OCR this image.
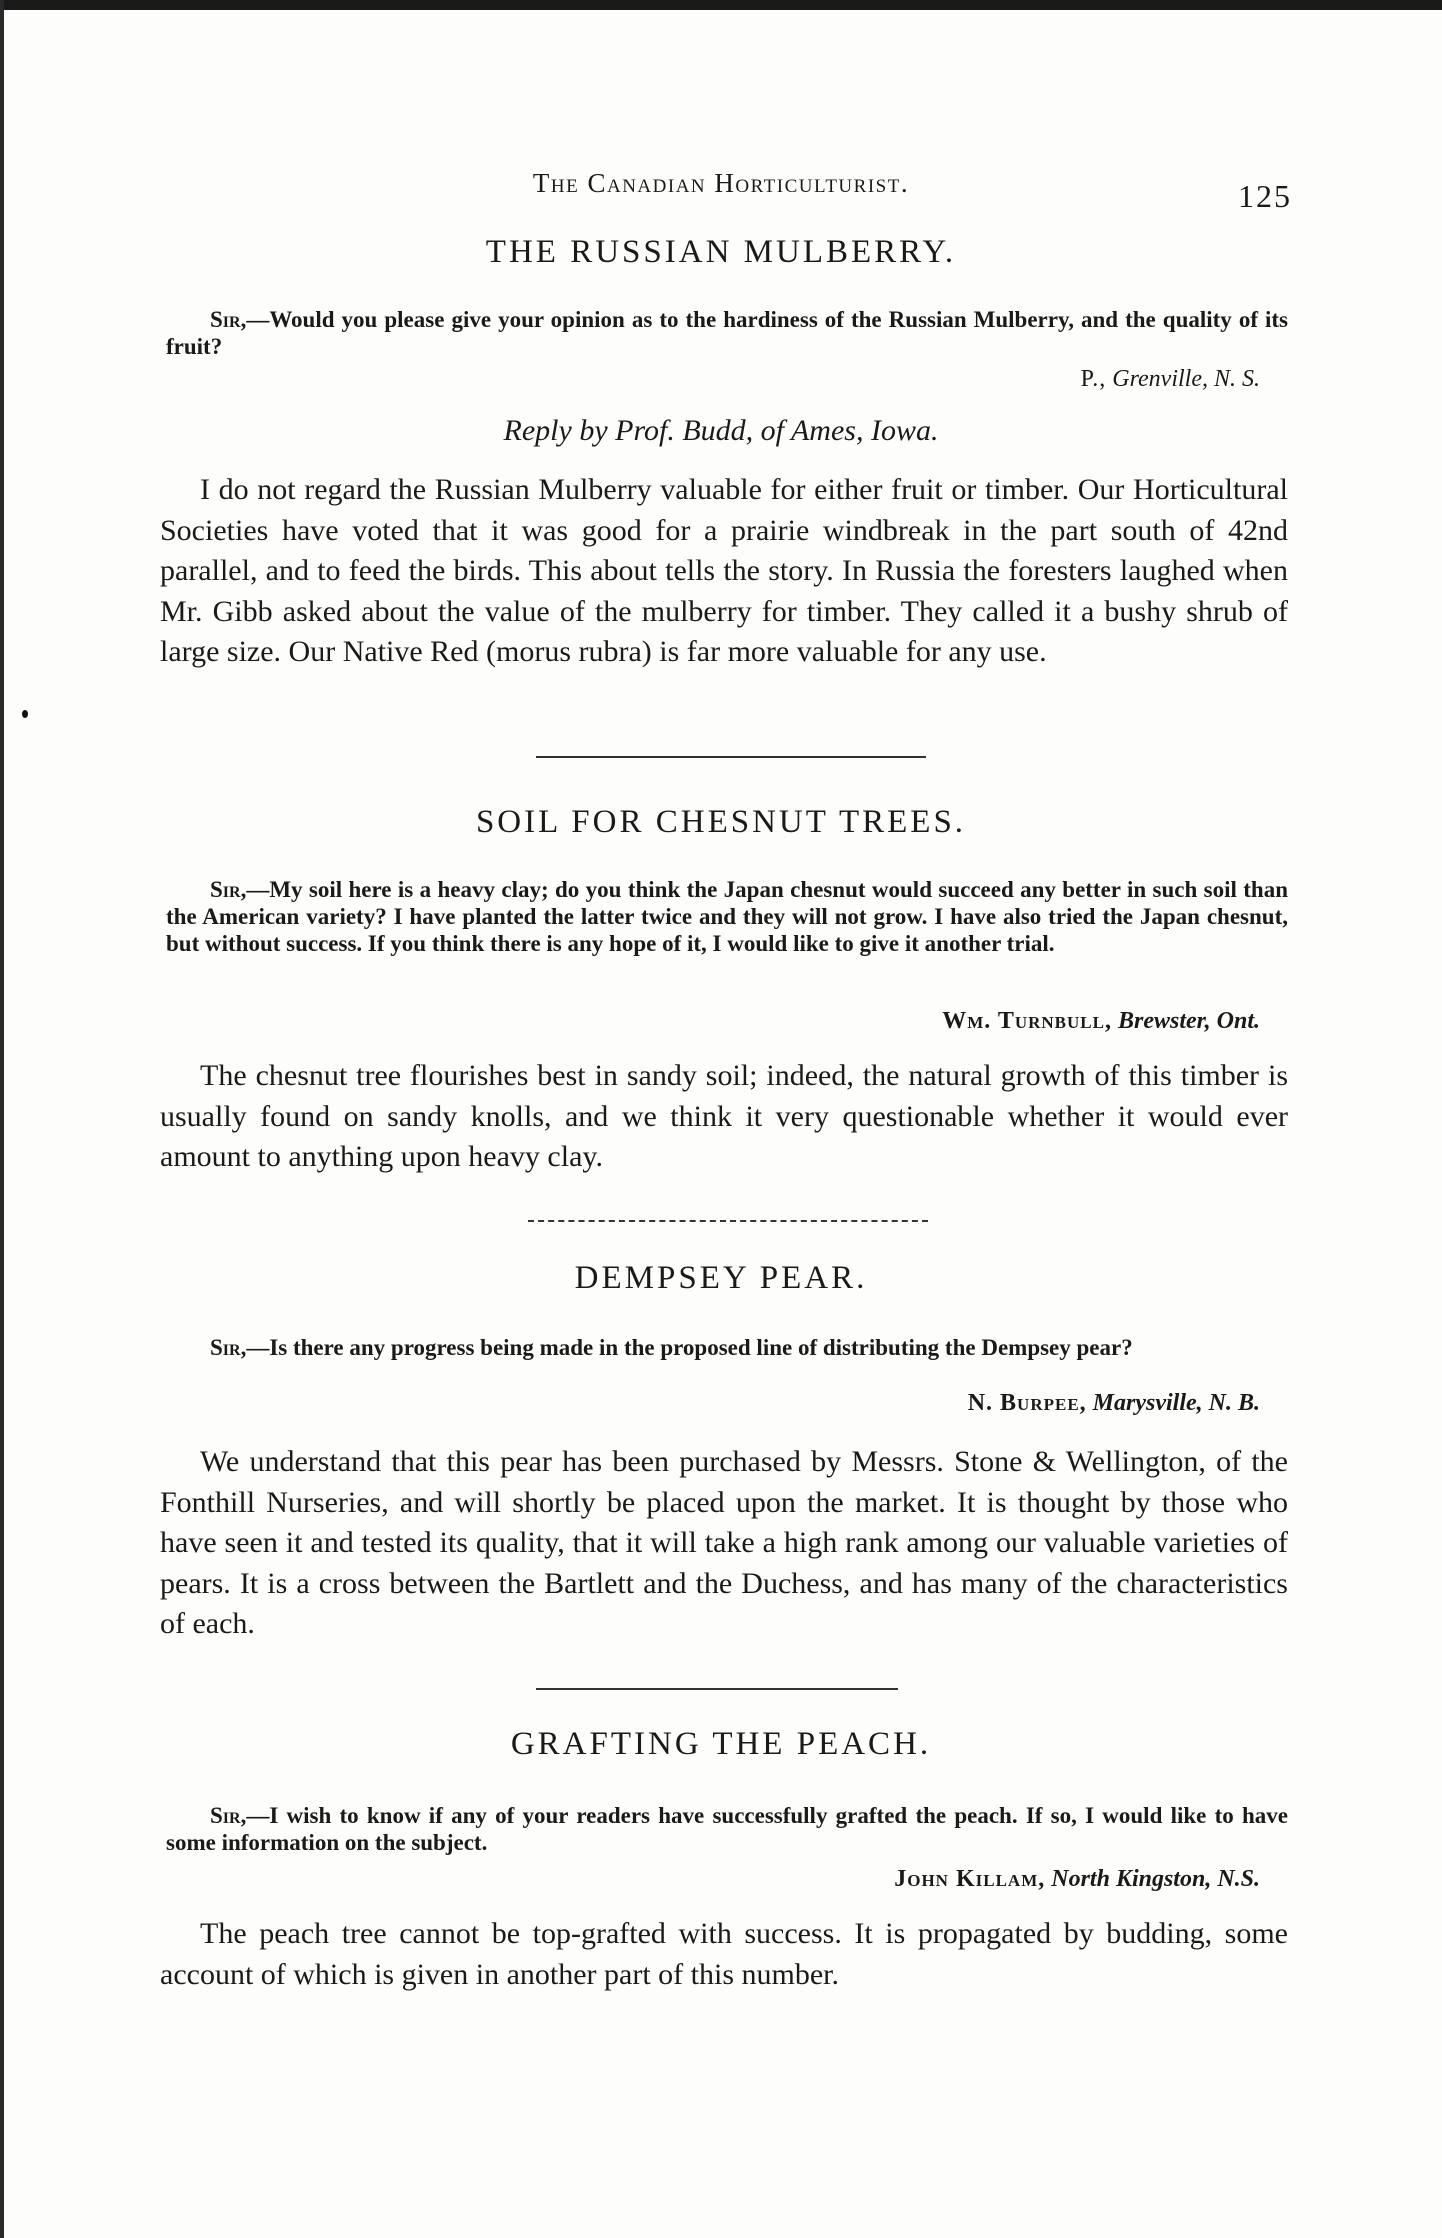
The Canadian Horticulturist.	125
THE RUSSIAN MULBERRY.
Sir,—Would you please give your opinion as to the hardiness of the Russian Mulberry, and the quality of its fruit?
P., Grenville, N. S.
Reply by Prof. Budd, of Ames, Iowa.
I do not regard the Russian Mulberry valuable for either fruit or timber. Our Horticultural Societies have voted that it was good for a prairie windbreak in the part south of 42nd parallel, and to feed the birds. This about tells the story. In Russia the foresters laughed when Mr. Gibb asked about the value of the mulberry for timber. They called it a bushy shrub of large size. Our Native Red (morus rubra) is far more valuable for any use.
SOIL FOR CHESNUT TREES.
Sir,—My soil here is a heavy clay; do you think the Japan chesnut would succeed any better in such soil than the American variety? I have planted the latter twice and they will not grow. I have also tried the Japan chesnut, but without success. If you think there is any hope of it, I would like to give it another trial.
Wm. Turnbull, Brewster, Ont.
The chesnut tree flourishes best in sandy soil; indeed, the natural growth of this timber is usually found on sandy knolls, and we think it very questionable whether it would ever amount to anything upon heavy clay.
DEMPSEY PEAR.
Sir,—Is there any progress being made in the proposed line of distributing the Dempsey pear?
N. Burpee, Marysville, N. B.
We understand that this pear has been purchased by Messrs. Stone & Wellington, of the Fonthill Nurseries, and will shortly be placed upon the market. It is thought by those who have seen it and tested its quality, that it will take a high rank among our valuable varieties of pears. It is a cross between the Bartlett and the Duchess, and has many of the characteristics of each.
GRAFTING THE PEACH.
Sir,—I wish to know if any of your readers have successfully grafted the peach. If so, I would like to have some information on the subject.
John Killam, North Kingston, N.S.
The peach tree cannot be top-grafted with success. It is propagated by budding, some account of which is given in another part of this number.
